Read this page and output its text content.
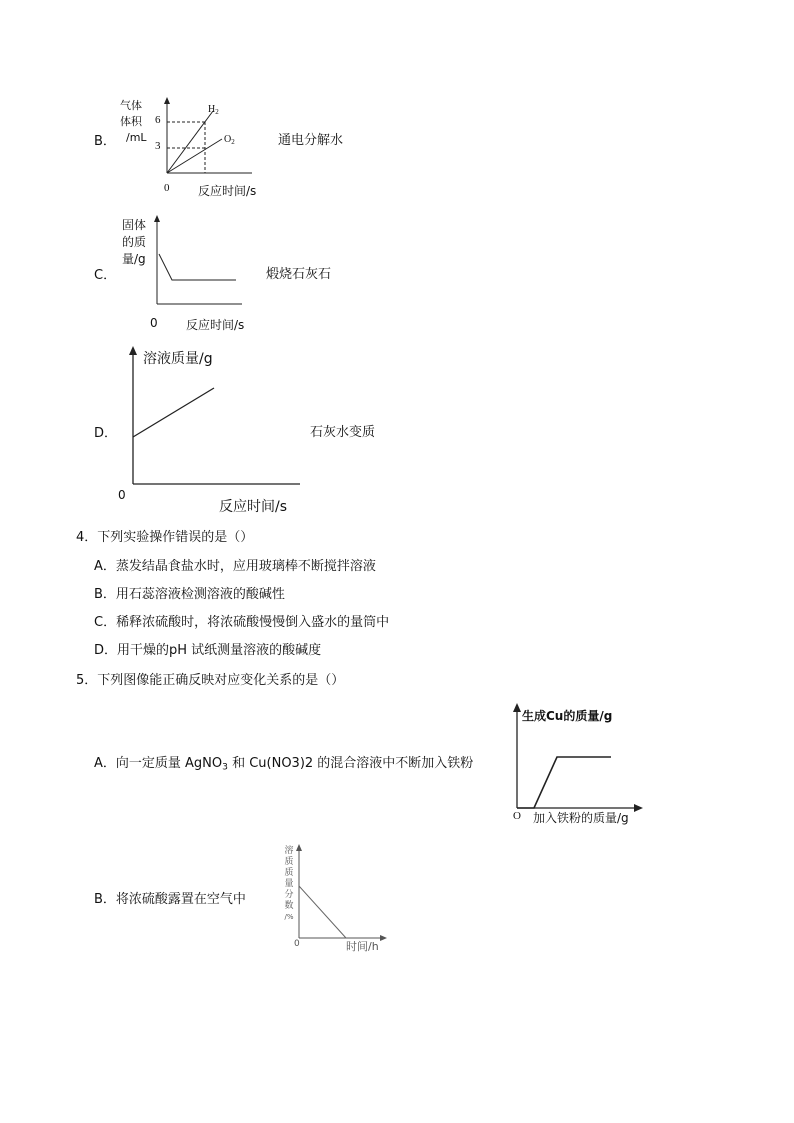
B．
气体
体积
/mL
6
3
$H_2$
$O_2$
0 反应时间/s
通电分解水
C．
固体
的质
量/g
0 反应时间/s
煅烧石灰石
D．
溶液质量/g
0
反应时间/s
石灰水变质
4．下列实验操作错误的是（）
A．蒸发结晶食盐水时，应用玻璃棒不断搅拌溶液
B．用石蕊溶液检测溶液的酸碱性
C．稀释浓硫酸时，将浓硫酸慢慢倒入盛水的量筒中
D．用干燥的pH 试纸测量溶液的酸碱度
5．下列图像能正确反映对应变化关系的是（）
A．向一定质量 AgNO$_3$ 和 Cu(NO3)2 的混合溶液中不断加入铁粉
生成Cu的质量/g
O 加入铁粉的质量/g
B．将浓硫酸露置在空气中
溶
质
质
量
分
数
/%
0	时间/h
